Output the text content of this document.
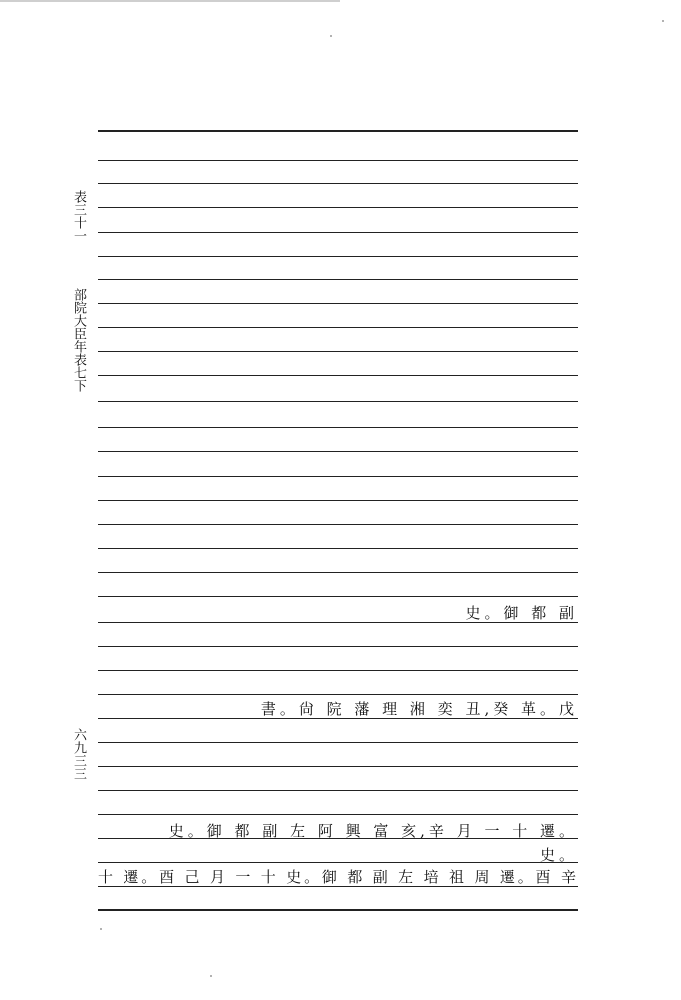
表三十一
部院大臣年表七下
六九三三
史。御 都 副
書。尙 院 藩 理 湘 奕 丑,癸 革。戊
史。御 都 副 左 阿 興 富 亥,辛 月 一 十 遷。
史。
十 遷。酉 己 月 一 十 史。御 都 副 左 培 祖 周 遷。酉 辛
